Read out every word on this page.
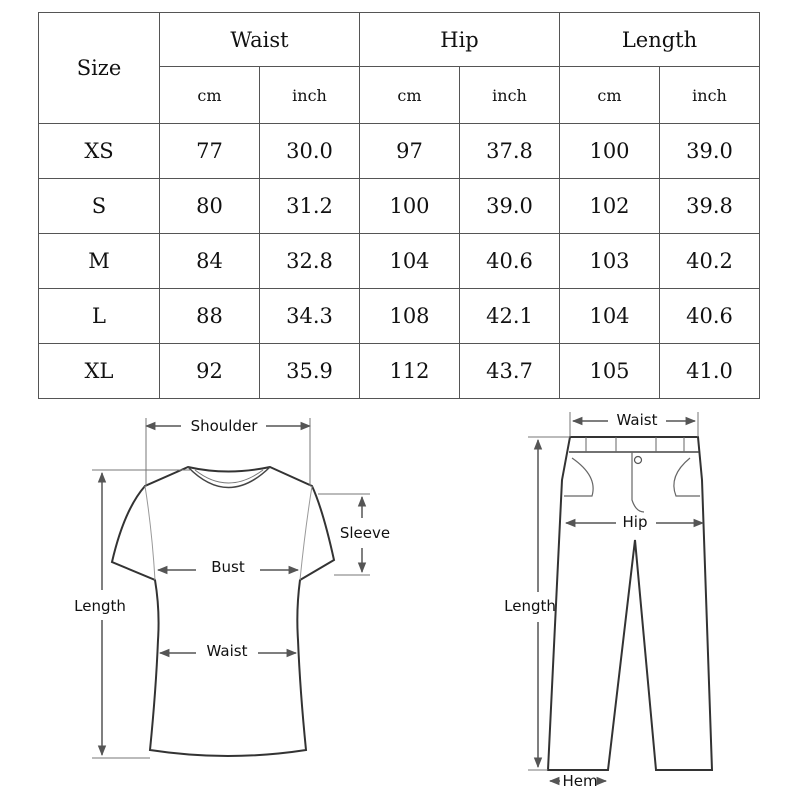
Size	Waist		Hip		Length	
	cm	inch	cm	inch	cm	inch
XS	77	30.0	97	37.8	100	39.0
S	80	31.2	100	39.0	102	39.8
M	84	32.8	104	40.6	103	40.2
L	88	34.3	108	42.1	104	40.6
XL	92	35.9	112	43.7	105	41.0
Shoulder
Sleeve
Bust
Length
Waist
Waist
Hip
Length
Hem
